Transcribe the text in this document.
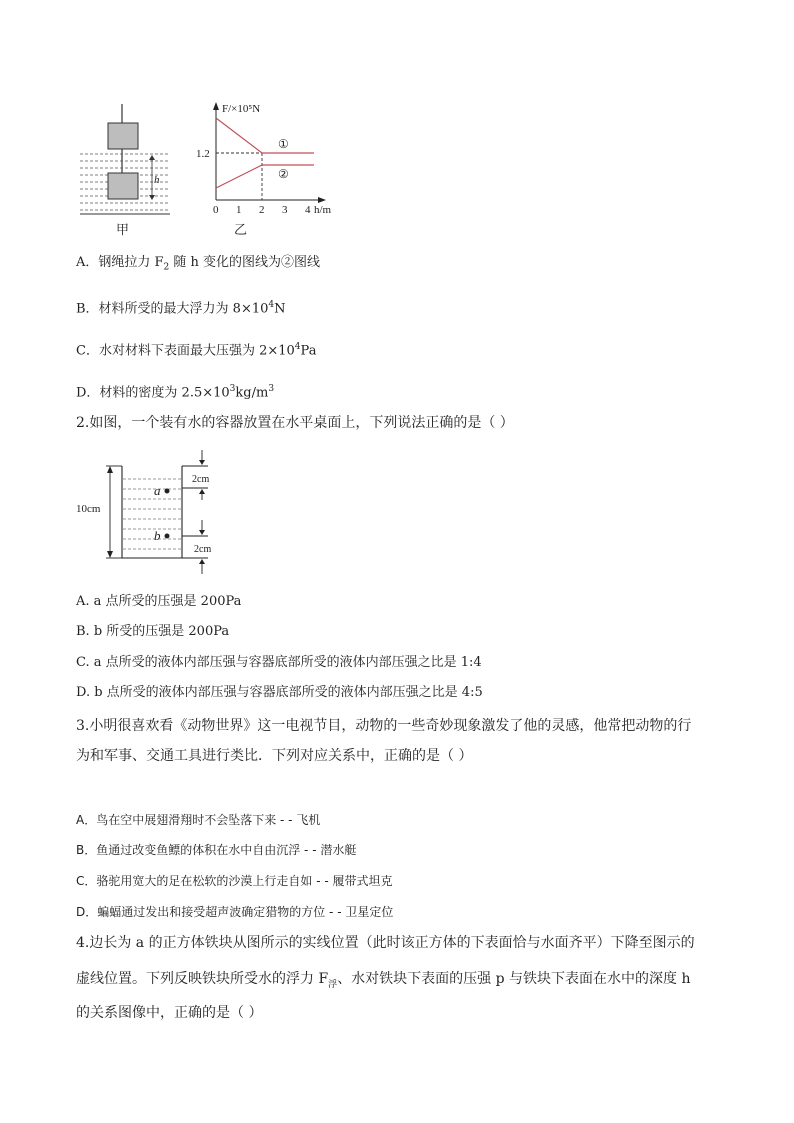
h
甲
F/×10⁵N
1.2
①
②
0 1 2 3 4 h/m
乙
A．钢绳拉力 $F_2$ 随 h 变化的图线为②图线
B．材料所受的最大浮力为 $8\times 10^4N$
C．水对材料下表面最大压强为 $2\times 10^4Pa$
D．材料的密度为 $2.5\times 10^3kg/m^3$
2.如图，一个装有水的容器放置在水平桌面上，下列说法正确的是（ ）
10cm
a
b
2cm
2cm
A. a 点所受的压强是 200Pa
B. b 所受的压强是 200Pa
C. a 点所受的液体内部压强与容器底部所受的液体内部压强之比是 1:4
D. b 点所受的液体内部压强与容器底部所受的液体内部压强之比是 4:5
3.小明很喜欢看《动物世界》这一电视节目，动物的一些奇妙现象激发了他的灵感，他常把动物的行
为和军事、交通工具进行类比．下列对应关系中，正确的是（ ）
A．鸟在空中展翅滑翔时不会坠落下来 - - 飞机
B．鱼通过改变鱼鳔的体积在水中自由沉浮 - - 潜水艇
C．骆驼用宽大的足在松软的沙漠上行走自如 - - 履带式坦克
D．蝙蝠通过发出和接受超声波确定猎物的方位 - - 卫星定位
4.边长为 a 的正方体铁块从图所示的实线位置（此时该正方体的下表面恰与水面齐平）下降至图示的
虚线位置。下列反映铁块所受水的浮力 $F_浮$、水对铁块下表面的压强 p 与铁块下表面在水中的深度 h
的关系图像中，正确的是（ ）
